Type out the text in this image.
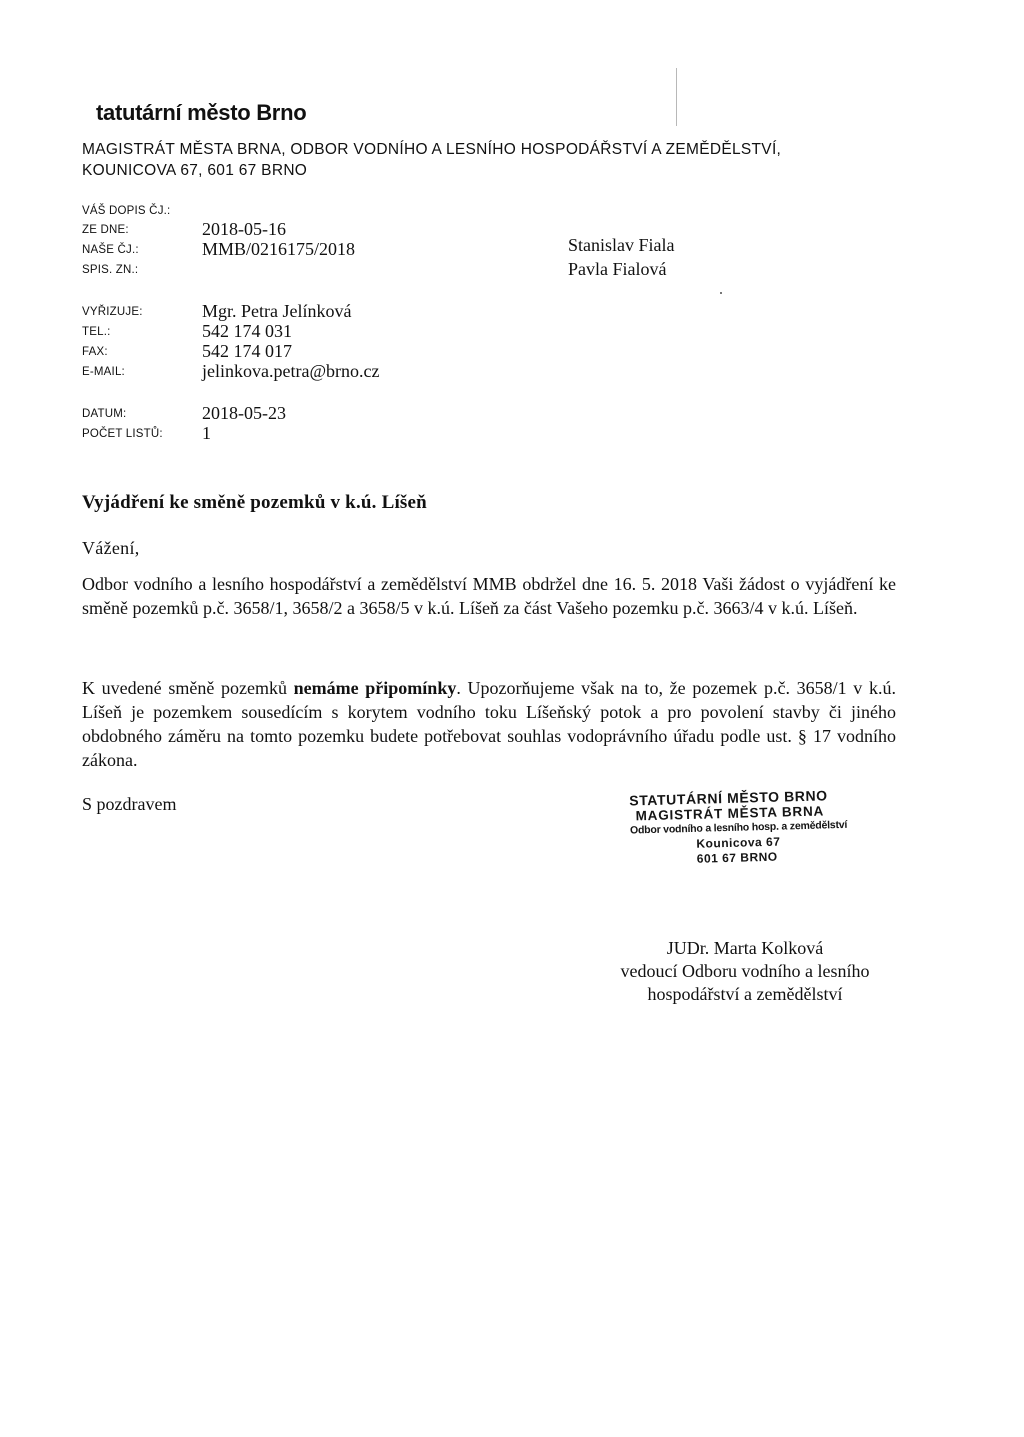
tatutární město Brno
MAGISTRÁT MĚSTA BRNA, ODBOR VODNÍHO A LESNÍHO HOSPODÁŘSTVÍ A ZEMĚDĚLSTVÍ,
KOUNICOVA 67, 601 67 BRNO
VÁŠ DOPIS ČJ.:
ZE DNE:	2018-05-16
NAŠE ČJ.:	MMB/0216175/2018
SPIS. ZN.:
Stanislav Fiala
Pavla Fialová
VYŘIZUJE:	Mgr. Petra Jelínková
TEL.:	542 174 031
FAX:	542 174 017
E-MAIL:	jelinkova.petra@brno.cz
DATUM:	2018-05-23
POČET LISTŮ: 1
Vyjádření ke směně pozemků v k.ú. Líšeň
Vážení,

Odbor vodního a lesního hospodářství a zemědělství MMB obdržel dne 16. 5. 2018 Vaši žádost o vyjádření ke směně pozemků p.č. 3658/1, 3658/2 a 3658/5 v k.ú. Líšeň za část Vašeho pozemku p.č. 3663/4 v k.ú. Líšeň.

K uvedené směně pozemků nemáme připomínky. Upozorňujeme však na to, že pozemek p.č. 3658/1 v k.ú. Líšeň je pozemkem sousedícím s korytem vodního toku Líšeňský potok a pro povolení stavby či jiného obdobného záměru na tomto pozemku budete potřebovat souhlas vodoprávního úřadu podle ust. § 17 vodního zákona.

S pozdravem	STATUTÁRNÍ MĚSTO BRNO
MAGISTRÁT MĚSTA BRNA
Odbor vodního a lesního hosp. a zemědělství
Kounicova 67
601 67 BRNO
JUDr. Marta Kolková
vedoucí Odboru vodního a lesního
hospodářství a zemědělství
